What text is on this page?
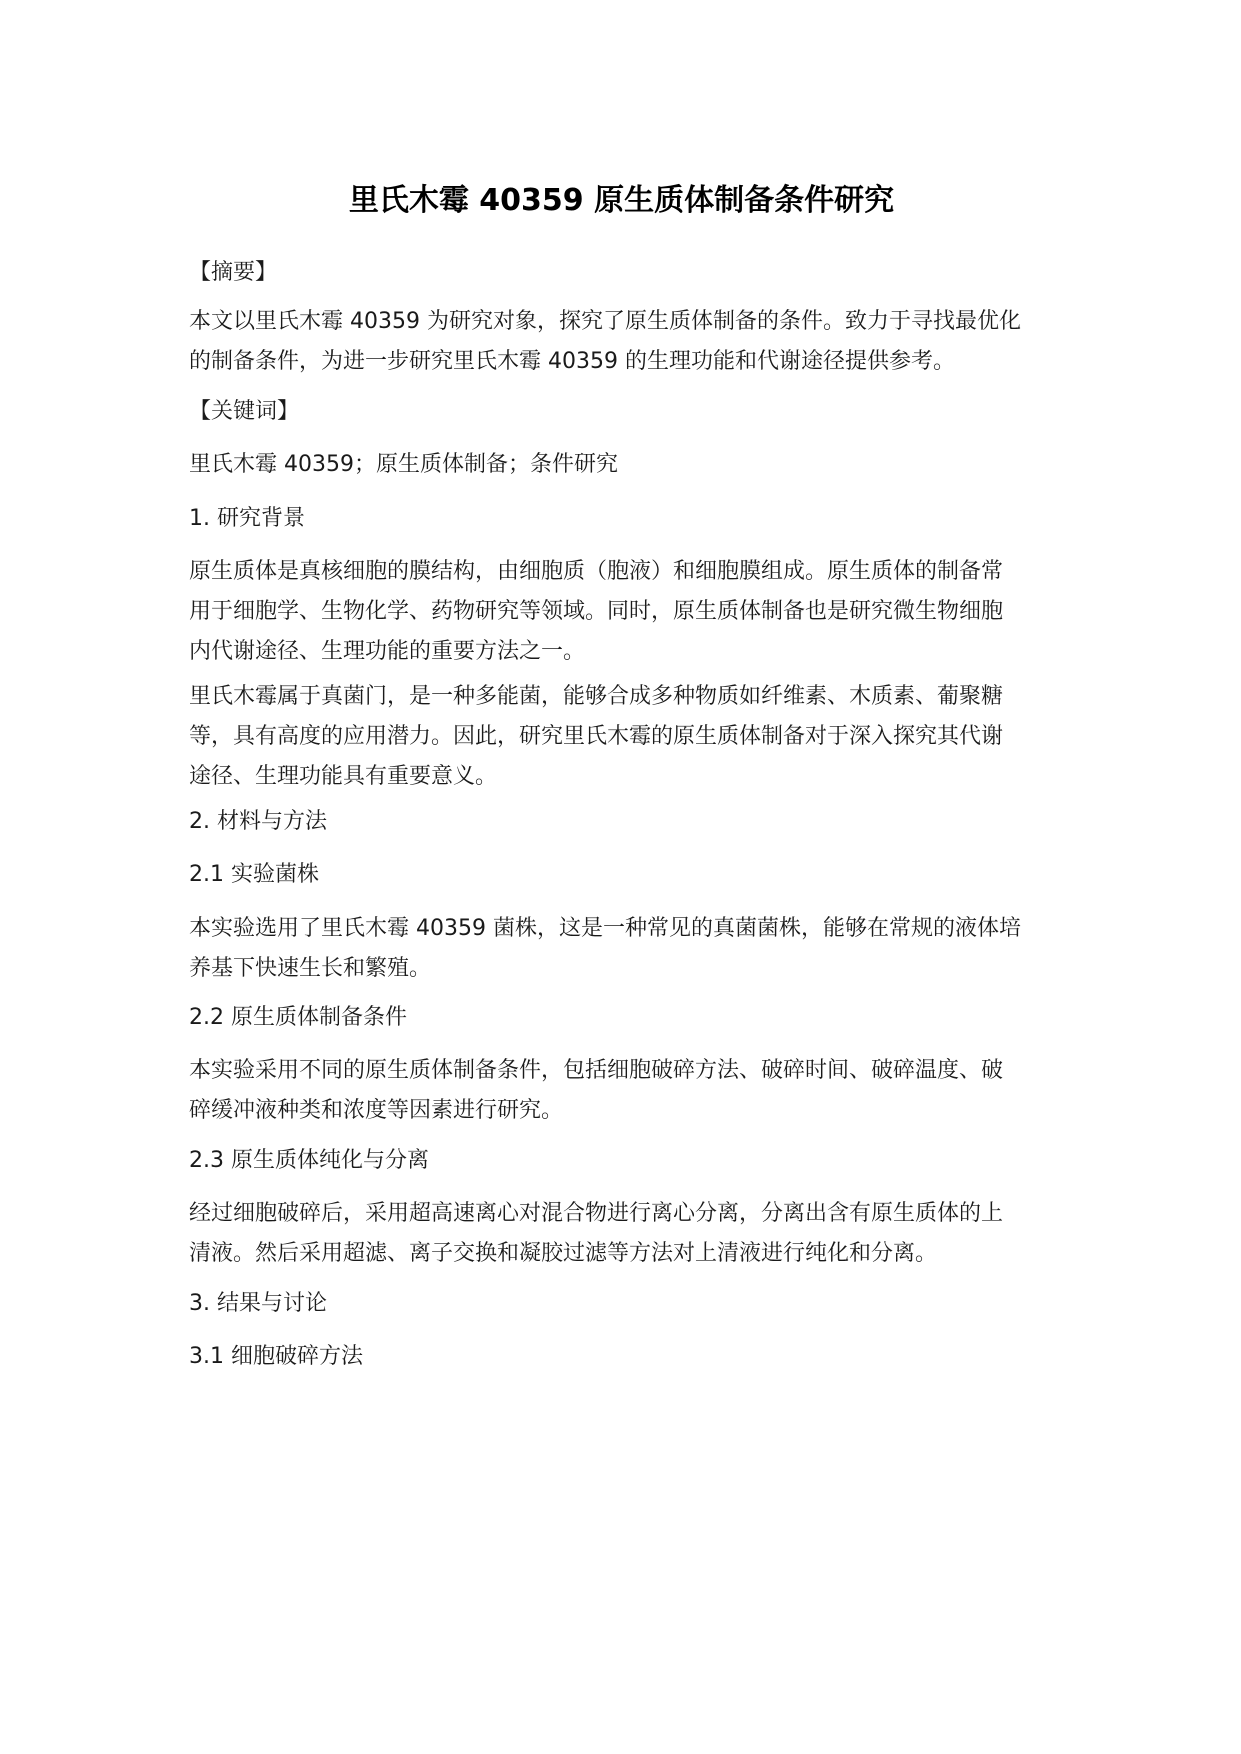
里氏木霉 40359 原生质体制备条件研究
【摘要】
本文以里氏木霉 40359 为研究对象，探究了原生质体制备的条件。致力于寻找最优化
的制备条件，为进一步研究里氏木霉 40359 的生理功能和代谢途径提供参考。
【关键词】
里氏木霉 40359；原生质体制备；条件研究
1. 研究背景
原生质体是真核细胞的膜结构，由细胞质（胞液）和细胞膜组成。原生质体的制备常
用于细胞学、生物化学、药物研究等领域。同时，原生质体制备也是研究微生物细胞
内代谢途径、生理功能的重要方法之一。
里氏木霉属于真菌门，是一种多能菌，能够合成多种物质如纤维素、木质素、葡聚糖
等，具有高度的应用潜力。因此，研究里氏木霉的原生质体制备对于深入探究其代谢
途径、生理功能具有重要意义。
2. 材料与方法
2.1 实验菌株
本实验选用了里氏木霉 40359 菌株，这是一种常见的真菌菌株，能够在常规的液体培
养基下快速生长和繁殖。
2.2 原生质体制备条件
本实验采用不同的原生质体制备条件，包括细胞破碎方法、破碎时间、破碎温度、破
碎缓冲液种类和浓度等因素进行研究。
2.3 原生质体纯化与分离
经过细胞破碎后，采用超高速离心对混合物进行离心分离，分离出含有原生质体的上
清液。然后采用超滤、离子交换和凝胶过滤等方法对上清液进行纯化和分离。
3. 结果与讨论
3.1 细胞破碎方法
